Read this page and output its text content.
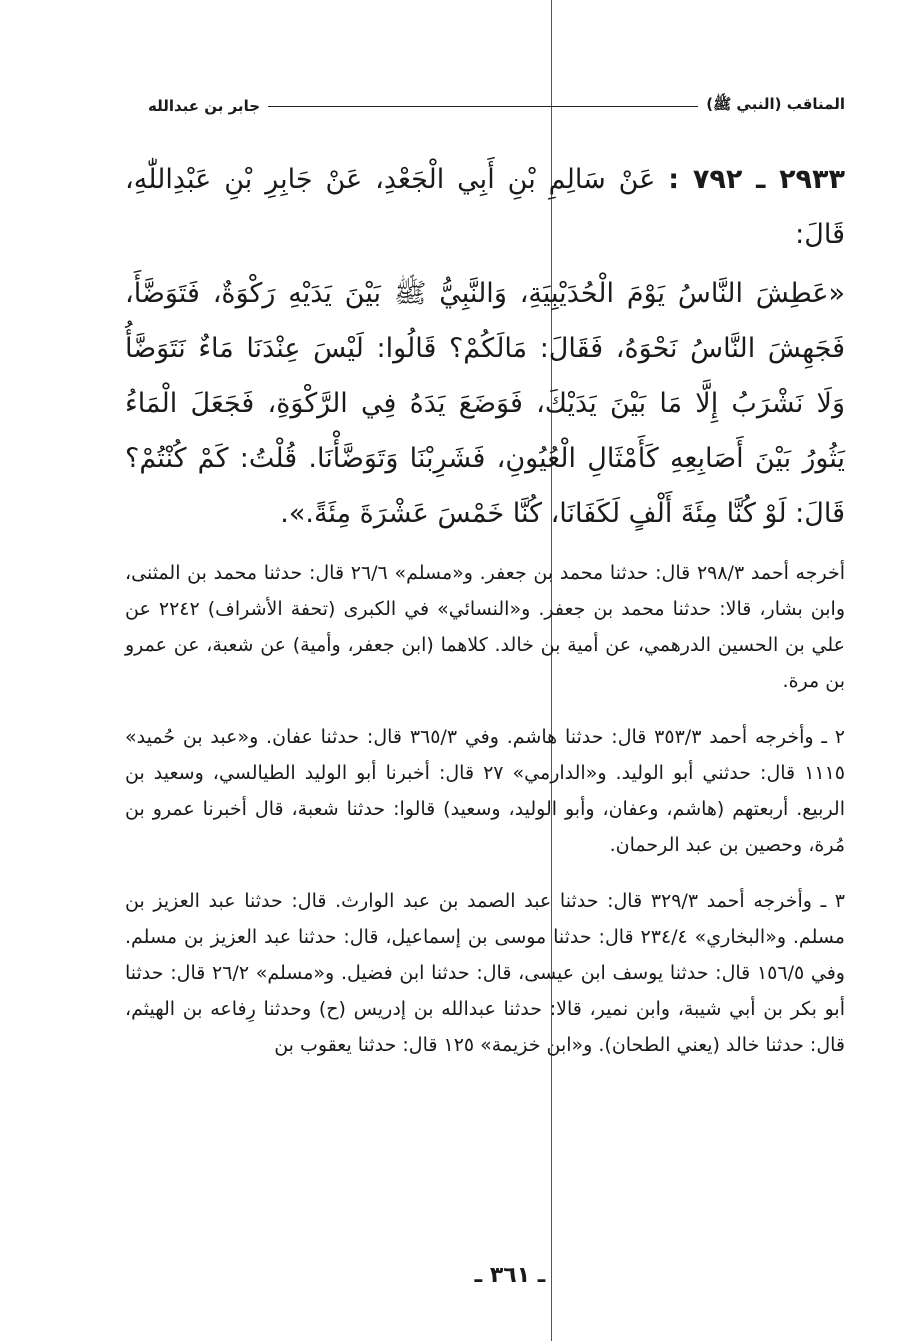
المناقب (النبي ﷺ)
جابر بن عبدالله

٢٩٣٣ ـ ٧٩٢ : عَنْ سَالِمِ بْنِ أَبِي الْجَعْدِ، عَنْ جَابِرِ بْنِ عَبْدِاللّٰهِ، قَالَ:

«عَطِشَ النَّاسُ يَوْمَ الْحُدَيْبِيَةِ، وَالنَّبِيُّ ﷺ بَيْنَ يَدَيْهِ رَكْوَةٌ، فَتَوَضَّأَ، فَجَهِشَ النَّاسُ نَحْوَهُ، فَقَالَ: مَالَكُمْ؟ قَالُوا: لَيْسَ عِنْدَنَا مَاءٌ نَتَوَضَّأُ وَلَا نَشْرَبُ إِلَّا مَا بَيْنَ يَدَيْكَ، فَوَضَعَ يَدَهُ فِي الرَّكْوَةِ، فَجَعَلَ الْمَاءُ يَثُورُ بَيْنَ أَصَابِعِهِ كَأَمْثَالِ الْعُيُونِ، فَشَرِبْنَا وَتَوَضَّأْنَا. قُلْتُ: كَمْ كُنْتُمْ؟ قَالَ: لَوْ كُنَّا مِئَةَ أَلْفٍ لَكَفَانَا، كُنَّا خَمْسَ عَشْرَةَ مِئَةً.».

أخرجه أحمد ٢٩٨/٣ قال: حدثنا محمد بن جعفر. و«مسلم» ٢٦/٦ قال: حدثنا محمد بن المثنى، وابن بشار، قالا: حدثنا محمد بن جعفر. و«النسائي» في الكبرى (تحفة الأشراف) ٢٢٤٢ عن علي بن الحسين الدرهمي، عن أمية بن خالد. كلاهما (ابن جعفر، وأمية) عن شعبة، عن عمرو بن مرة.

٢ ـ وأخرجه أحمد ٣٥٣/٣ قال: حدثنا هاشم. وفي ٣٦٥/٣ قال: حدثنا عفان. و«عبد بن حُميد» ١١١٥ قال: حدثني أبو الوليد. و«الدارمي» ٢٧ قال: أخبرنا أبو الوليد الطيالسي، وسعيد بن الربيع. أربعتهم (هاشم، وعفان، وأبو الوليد، وسعيد) قالوا: حدثنا شعبة، قال أخبرنا عمرو بن مُرة، وحصين بن عبد الرحمان.

٣ ـ وأخرجه أحمد ٣٢٩/٣ قال: حدثنا عبد الصمد بن عبد الوارث. قال: حدثنا عبد العزيز بن مسلم. و«البخاري» ٢٣٤/٤ قال: حدثنا موسى بن إسماعيل، قال: حدثنا عبد العزيز بن مسلم. وفي ١٥٦/٥ قال: حدثنا يوسف ابن عيسى، قال: حدثنا ابن فضيل. و«مسلم» ٢٦/٢ قال: حدثنا أبو بكر بن أبي شيبة، وابن نمير، قالا: حدثنا عبدالله بن إدريس (ح) وحدثنا رِفاعه بن الهيثم، قال: حدثنا خالد (يعني الطحان). و«ابن خزيمة» ١٢٥ قال: حدثنا يعقوب بن

ـ ٣٦١ ـ
